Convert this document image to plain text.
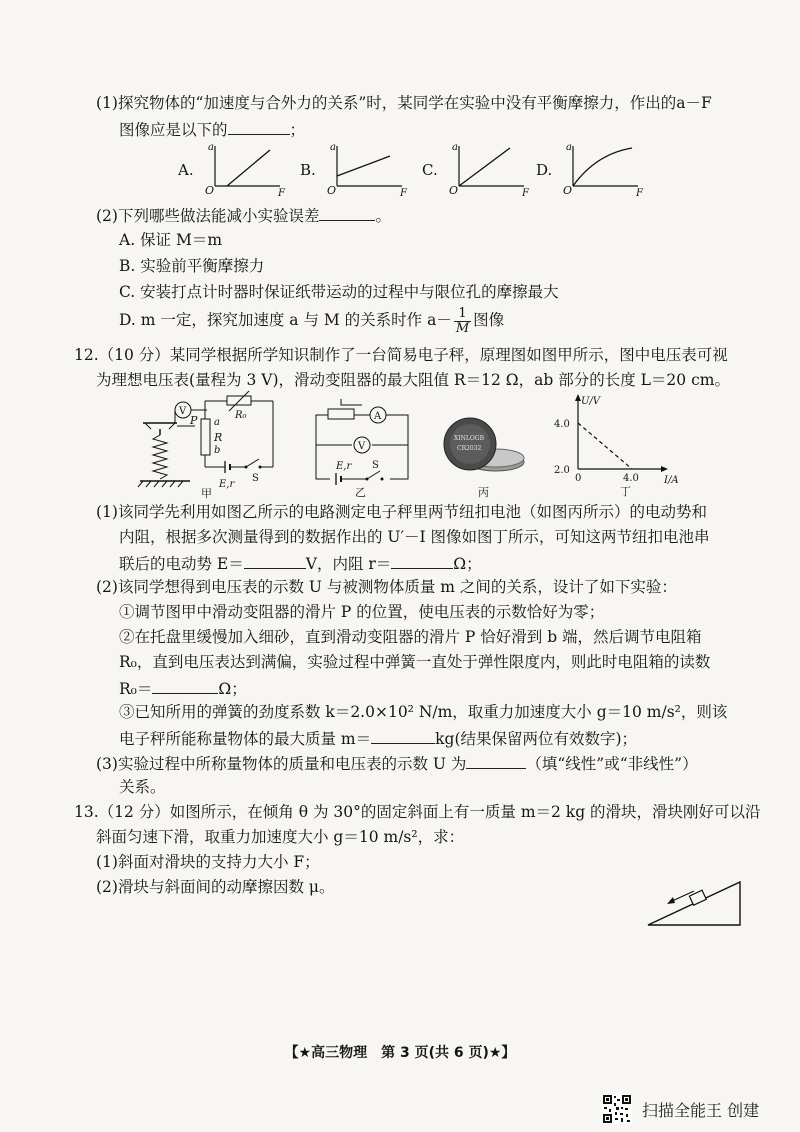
(1)探究物体的“加速度与合外力的关系”时，某同学在实验中没有平衡摩擦力，作出的a－F
图像应是以下的	；
A.
a
O	F
B.
a
O	F
C.
a
O	F
D.
a
O	F
(2)下列哪些做法能减小实验误差	。
A. 保证 M＝m
B. 实验前平衡摩擦力
C. 安装打点计时器时保证纸带运动的过程中与限位孔的摩擦最大
D. m 一定，探究加速度 a 与 M 的关系时作 $a- \frac{1}{M}$ 图像
12.（10 分）某同学根据所学知识制作了一台简易电子秤，原理图如图甲所示，图中电压表可视
为理想电压表(量程为 3 V)，滑动变阻器的最大阻值 R＝12 Ω，ab 部分的长度 L＝20 cm。
V
P a
R
b
R₀
E,r
S
甲
A
V
E,r S
乙
XINLOGB
CR2032
丙
U/V
I/A
4.0
2.0
0	4.0
丁
(1)该同学先利用如图乙所示的电路测定电子秤里两节纽扣电池（如图丙所示）的电动势和
内阻，根据多次测量得到的数据作出的 U′－I 图像如图丁所示，可知这两节纽扣电池串
联后的电动势 E＝	V，内阻 r＝	Ω；
(2)该同学想得到电压表的示数 U 与被测物体质量 m 之间的关系，设计了如下实验：
①调节图甲中滑动变阻器的滑片 P 的位置，使电压表的示数恰好为零；
②在托盘里缓慢加入细砂，直到滑动变阻器的滑片 P 恰好滑到 b 端，然后调节电阻箱
R₀，直到电压表达到满偏，实验过程中弹簧一直处于弹性限度内，则此时电阻箱的读数
R₀＝	Ω；
③已知所用的弹簧的劲度系数 k＝2.0×10² N/m，取重力加速度大小 g＝10 m/s²，则该
电子秤所能称量物体的最大质量 m＝	kg(结果保留两位有效数字)；
(3)实验过程中所称量物体的质量和电压表的示数 U 为	（填“线性”或“非线性”）
关系。
13.（12 分）如图所示，在倾角 θ 为 30°的固定斜面上有一质量 m＝2 kg 的滑块，滑块刚好可以沿
斜面匀速下滑，取重力加速度大小 g＝10 m/s²，求：
(1)斜面对滑块的支持力大小 F；
(2)滑块与斜面间的动摩擦因数 μ。
【★高三物理　第 3 页(共 6 页)★】
扫描全能王 创建
